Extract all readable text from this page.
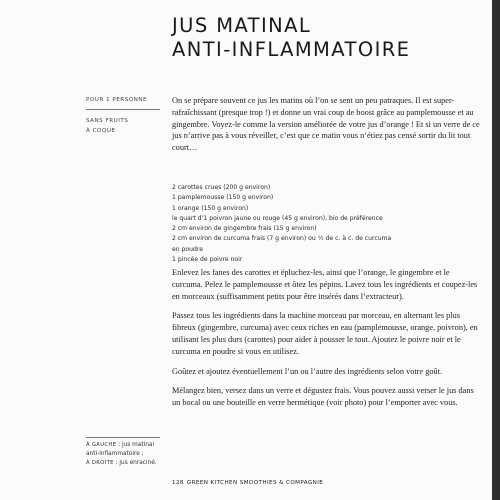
JUS MATINAL
ANTI-INFLAMMATOIRE

POUR 1 PERSONNE

SANS FRUITS

À COQUE

On se prépare souvent ce jus les matins où l’on se sent un peu patraques. Il est super-rafraîchissant (presque trop !) et donne un vrai coup de boost grâce au pamplemousse et au gingembre. Voyez-le comme la version améliorée de votre jus d’orange ! Et si un verre de ce jus n’arrive pas à vous réveiller, c’est que ce matin vous n’étiez pas censé sortir du lit tout court…

2 carottes crues (200 g environ)
1 pamplemousse (150 g environ)
1 orange (150 g environ)
le quart d’1 poivron jaune ou rouge (45 g environ), bio de préférence
2 cm environ de gingembre frais (15 g environ)
2 cm environ de curcuma frais (7 g environ) ou ½ de c. à c. de curcuma
en poudre
1 pincée de poivre noir

Enlevez les fanes des carottes et épluchez-les, ainsi que l’orange, le gingembre et le curcuma. Pelez le pamplemousse et ôtez les pépins. Lavez tous les ingrédients et coupez-les en morceaux (suffisamment petits pour être insérés dans l’extracteur).

Passez tous les ingrédients dans la machine morceau par morceau, en alternant les plus fibreux (gingembre, curcuma) avec ceux riches en eau (pamplemousse, orange, poivron), en utilisant les plus durs (carottes) pour aider à pousser le tout. Ajoutez le poivre noir et le curcuma en poudre si vous en utilisez.

Goûtez et ajoutez éventuellement l’un ou l’autre des ingrédients selon votre goût.

Mélangez bien, versez dans un verre et dégustez frais. Vous pouvez aussi verser le jus dans un bocal ou une bouteille en verre hermétique (voir photo) pour l’emporter avec vous.

À GAUCHE : jus matinal anti-inflammatoire ;

À DROITE : jus enraciné.

128 GREEN KITCHEN SMOOTHIES & COMPAGNIE
